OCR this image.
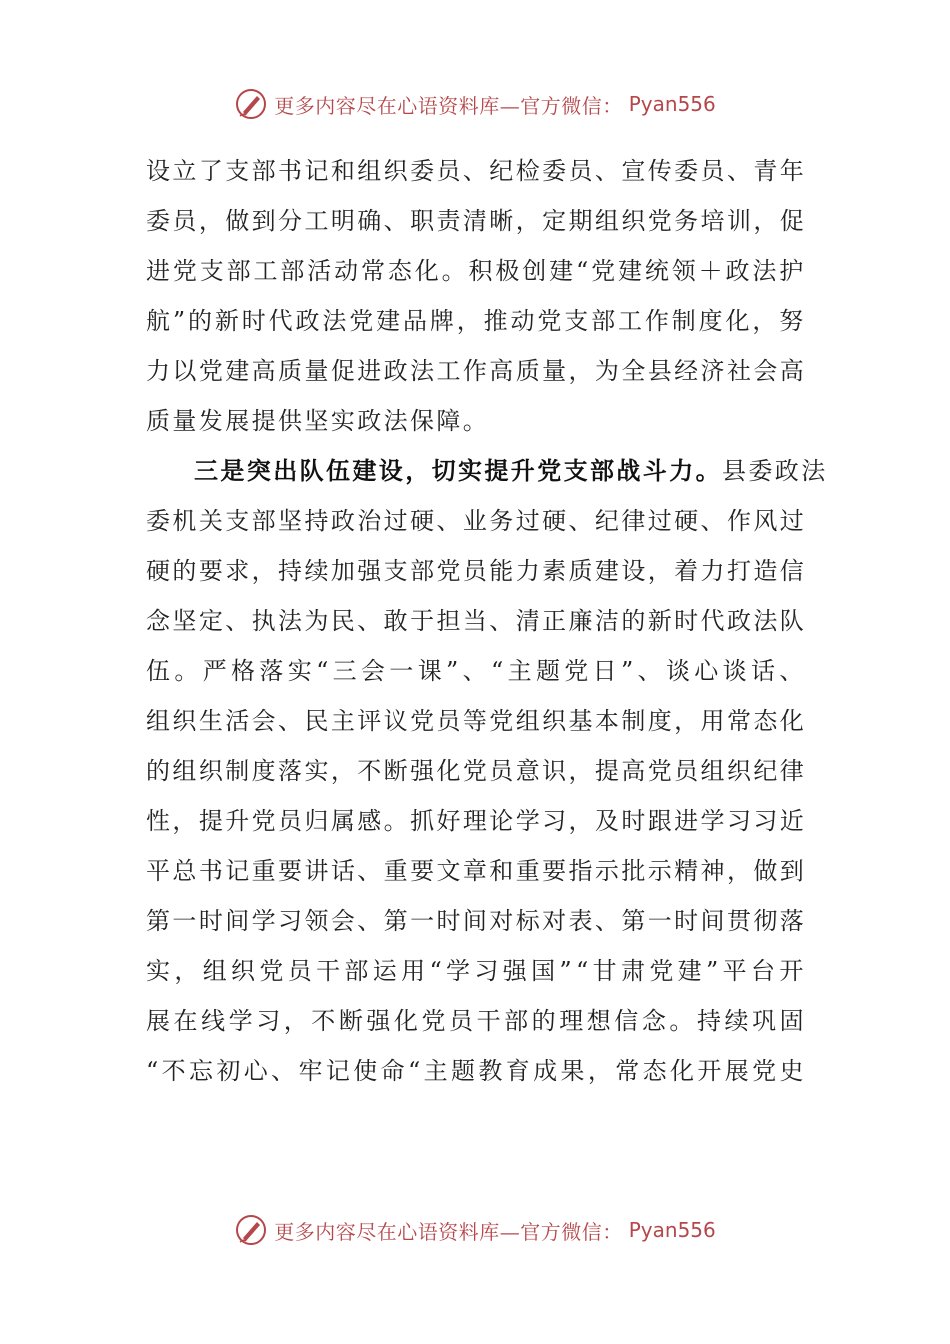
更多内容尽在心语资料库—官方微信： Pyan556
设 立 了 支 部 书 记 和 组 织 委 员 、 纪 检 委 员 、 宣 传 委 员 、 青 年
委 员 ， 做 到 分 工 明 确 、 职 责 清 晰 ， 定 期 组 织 党 务 培 训 ， 促
进 党 支 部 工 部 活 动 常 态 化 。 积 极 创 建 “ 党 建 统 领 ＋ 政 法 护
航 ” 的 新 时 代 政 法 党 建 品 牌 ， 推 动 党 支 部 工 作 制 度 化 ， 努
力 以 党 建 高 质 量 促 进 政 法 工 作 高 质 量 ， 为 全 县 经 济 社 会 高
质量发展提供坚实政法保障。
三是突出队伍建设，切实提升党支部战斗力。 县委政法
委 机 关 支 部 坚 持 政 治 过 硬 、 业 务 过 硬 、 纪 律 过 硬 、 作 风 过
硬 的 要 求 ， 持 续 加 强 支 部 党 员 能 力 素 质 建 设 ， 着 力 打 造 信
念 坚 定 、 执 法 为 民 、 敢 于 担 当 、 清 正 廉 洁 的 新 时 代 政 法 队
伍 。 严 格 落 实 “ 三 会 一 课 ” 、 “ 主 题 党 日 ” 、 谈 心 谈 话 、
组 织 生 活 会 、 民 主 评 议 党 员 等 党 组 织 基 本 制 度 ， 用 常 态 化
的 组 织 制 度 落 实 ， 不 断 强 化 党 员 意 识 ， 提 高 党 员 组 织 纪 律
性 ， 提 升 党 员 归 属 感 。 抓 好 理 论 学 习 ， 及 时 跟 进 学 习 习 近
平 总 书 记 重 要 讲 话 、 重 要 文 章 和 重 要 指 示 批 示 精 神 ， 做 到
第 一 时 间 学 习 领 会 、 第 一 时 间 对 标 对 表 、 第 一 时 间 贯 彻 落
实 ， 组 织 党 员 干 部 运 用 “ 学 习 强 国 ” “ 甘 肃 党 建 ” 平 台 开
展 在 线 学 习 ， 不 断 强 化 党 员 干 部 的 理 想 信 念 。 持 续 巩 固
“ 不 忘 初 心 、 牢 记 使 命 “ 主 题 教 育 成 果 ， 常 态 化 开 展 党 史
更多内容尽在心语资料库—官方微信： Pyan556
